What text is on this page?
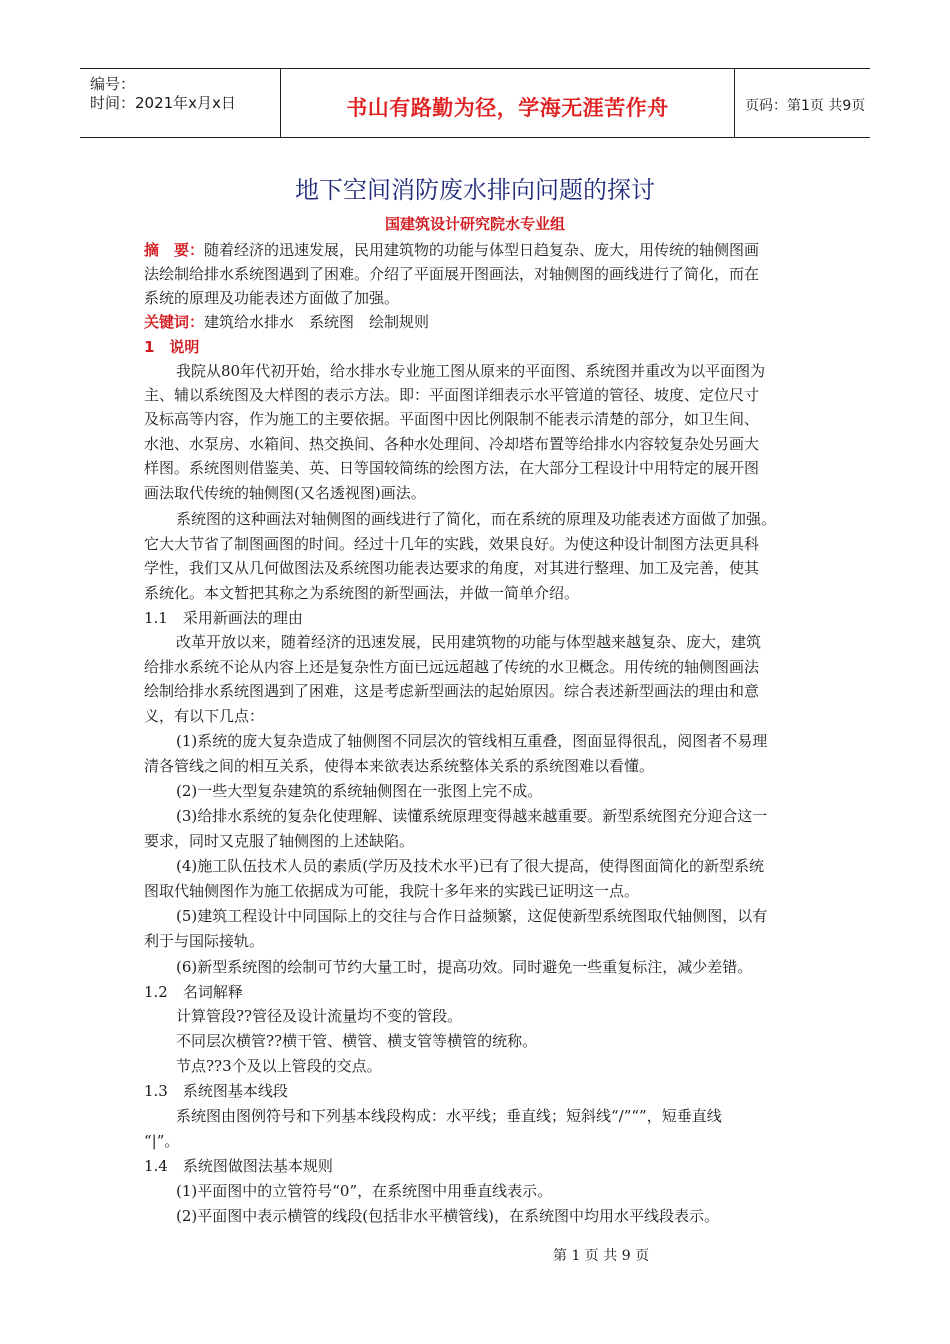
编号：
时间：2021年x月x日	书山有路勤为径，学海无涯苦作舟	页码：第1页 共9页
地下空间消防废水排向问题的探讨
国建筑设计研究院水专业组
摘　要：随着经济的迅速发展，民用建筑物的功能与体型日趋复杂、庞大，用传统的轴侧图画
法绘制给排水系统图遇到了困难。介绍了平面展开图画法，对轴侧图的画线进行了简化，而在
系统的原理及功能表述方面做了加强。
关键词：建筑给水排水　系统图　绘制规则
1　说明
我院从80年代初开始，给水排水专业施工图从原来的平面图、系统图并重改为以平面图为
主、辅以系统图及大样图的表示方法。即：平面图详细表示水平管道的管径、坡度、定位尺寸
及标高等内容，作为施工的主要依据。平面图中因比例限制不能表示清楚的部分，如卫生间、
水池、水泵房、水箱间、热交换间、各种水处理间、冷却塔布置等给排水内容较复杂处另画大
样图。系统图则借鉴美、英、日等国较简练的绘图方法，在大部分工程设计中用特定的展开图
画法取代传统的轴侧图(又名透视图)画法。
系统图的这种画法对轴侧图的画线进行了简化，而在系统的原理及功能表述方面做了加强。
它大大节省了制图画图的时间。经过十几年的实践，效果良好。为使这种设计制图方法更具科
学性，我们又从几何做图法及系统图功能表达要求的角度，对其进行整理、加工及完善，使其
系统化。本文暂把其称之为系统图的新型画法，并做一简单介绍。
1.1　采用新画法的理由
改革开放以来，随着经济的迅速发展，民用建筑物的功能与体型越来越复杂、庞大，建筑
给排水系统不论从内容上还是复杂性方面已远远超越了传统的水卫概念。用传统的轴侧图画法
绘制给排水系统图遇到了困难，这是考虑新型画法的起始原因。综合表述新型画法的理由和意
义，有以下几点：
(1)系统的庞大复杂造成了轴侧图不同层次的管线相互重叠，图面显得很乱，阅图者不易理
清各管线之间的相互关系，使得本来欲表达系统整体关系的系统图难以看懂。
(2)一些大型复杂建筑的系统轴侧图在一张图上完不成。
(3)给排水系统的复杂化使理解、读懂系统原理变得越来越重要。新型系统图充分迎合这一
要求，同时又克服了轴侧图的上述缺陷。
(4)施工队伍技术人员的素质(学历及技术水平)已有了很大提高，使得图面简化的新型系统
图取代轴侧图作为施工依据成为可能，我院十多年来的实践已证明这一点。
(5)建筑工程设计中同国际上的交往与合作日益频繁，这促使新型系统图取代轴侧图，以有
利于与国际接轨。
(6)新型系统图的绘制可节约大量工时，提高功效。同时避免一些重复标注，减少差错。
1.2　名词解释
计算管段??管径及设计流量均不变的管段。
不同层次横管??横干管、横管、横支管等横管的统称。
节点??3个及以上管段的交点。
1.3　系统图基本线段
系统图由图例符号和下列基本线段构成：水平线；垂直线；短斜线“/”“”，短垂直线
“|”。
1.4　系统图做图法基本规则
(1)平面图中的立管符号“0”，在系统图中用垂直线表示。
(2)平面图中表示横管的线段(包括非水平横管线)，在系统图中均用水平线段表示。
第 1 页 共 9 页
